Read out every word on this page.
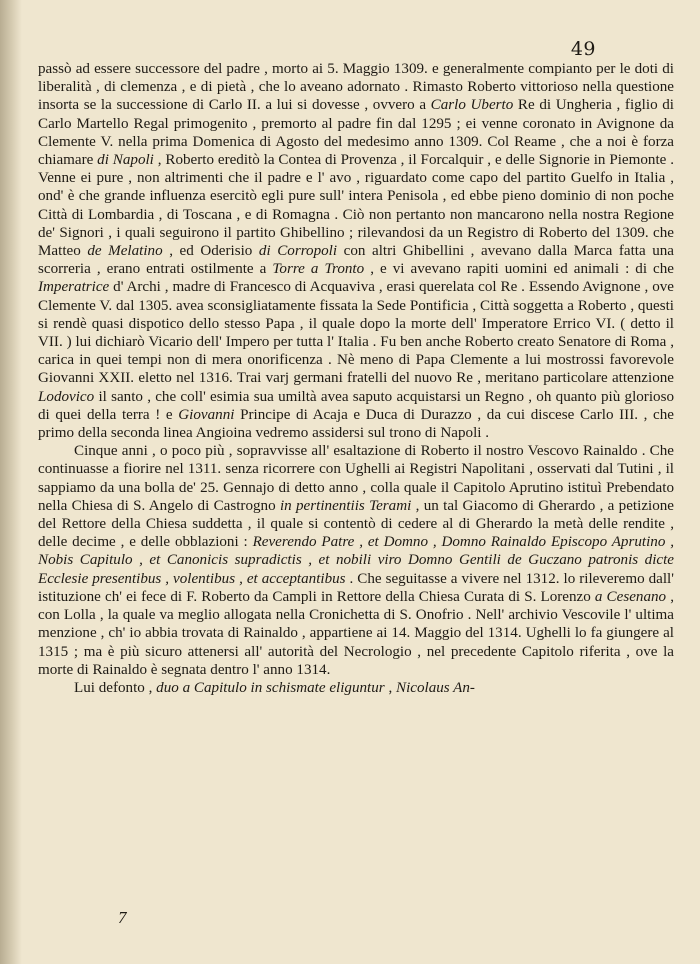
49

passò ad essere successore del padre , morto ai 5. Maggio 1309. e generalmente compianto per le doti di liberalità , di clemenza , e di pietà , che lo aveano adornato . Rimasto Roberto vittorioso nella questione insorta se la successione di Carlo II. a lui si dovesse , ovvero a Carlo Uberto Re di Ungheria , figlio di Carlo Martello Regal primogenito , premorto al padre fin dal 1295 ; ei venne coronato in Avignone da Clemente V. nella prima Domenica di Agosto del medesimo anno 1309. Col Reame , che a noi è forza chiamare di Napoli , Roberto ereditò la Contea di Provenza , il Forcalquir , e delle Signorie in Piemonte . Venne ei pure , non altrimenti che il padre e l' avo , riguardato come capo del partito Guelfo in Italia , ond' è che grande influenza esercitò egli pure sull' intera Penisola , ed ebbe pieno dominio di non poche Città di Lombardia , di Toscana , e di Romagna . Ciò non pertanto non mancarono nella nostra Regione de' Signori , i quali seguirono il partito Ghibellino ; rilevandosi da un Registro di Roberto del 1309. che Matteo de Melatino , ed Oderisio di Corropoli con altri Ghibellini , avevano dalla Marca fatta una scorreria , erano entrati ostilmente a Torre a Tronto , e vi avevano rapiti uomini ed animali : di che Imperatrice d' Archi , madre di Francesco di Acquaviva , erasi querelata col Re . Essendo Avignone , ove Clemente V. dal 1305. avea sconsigliatamente fissata la Sede Pontificia , Città soggetta a Roberto , questi si rendè quasi dispotico dello stesso Papa , il quale dopo la morte dell' Imperatore Errico VI. ( detto il VII. ) lui dichiarò Vicario dell' Impero per tutta l' Italia . Fu ben anche Roberto creato Senatore di Roma , carica in quei tempi non di mera onorificenza . Nè meno di Papa Clemente a lui mostrossi favorevole Giovanni XXII. eletto nel 1316. Trai varj germani fratelli del nuovo Re , meritano particolare attenzione Lodovico il santo , che coll' esimia sua umiltà avea saputo acquistarsi un Regno , oh quanto più glorioso di quei della terra ! e Giovanni Principe di Acaja e Duca di Durazzo , da cui discese Carlo III. , che primo della seconda linea Angioina vedremo assidersi sul trono di Napoli .

Cinque anni , o poco più , sopravvisse all' esaltazione di Roberto il nostro Vescovo Rainaldo . Che continuasse a fiorire nel 1311. senza ricorrere con Ughelli ai Registri Napolitani , osservati dal Tutini , il sappiamo da una bolla de' 25. Gennajo di detto anno , colla quale il Capitolo Aprutino istituì Prebendato nella Chiesa di S. Angelo di Castrogno in pertinentiis Terami , un tal Giacomo di Gherardo , a petizione del Rettore della Chiesa suddetta , il quale si contentò di cedere al di Gherardo la metà delle rendite , delle decime , e delle obblazioni : Reverendo Patre , et Domno , Domno Rainaldo Episcopo Aprutino , Nobis Capitulo , et Canonicis supradictis , et nobili viro Domno Gentili de Guczano patronis dicte Ecclesie presentibus , volentibus , et acceptantibus . Che seguitasse a vivere nel 1312. lo rileveremo dall' istituzione ch' ei fece di F. Roberto da Campli in Rettore della Chiesa Curata di S. Lorenzo a Cesenano , con Lolla , la quale va meglio allogata nella Cronichetta di S. Onofrio . Nell' archivio Vescovile l' ultima menzione , ch' io abbia trovata di Rainaldo , appartiene ai 14. Maggio del 1314. Ughelli lo fa giungere al 1315 ; ma è più sicuro attenersi all' autorità del Necrologio , nel precedente Capitolo riferita , ove la morte di Rainaldo è segnata dentro l' anno 1314.

Lui defonto , duo a Capitulo in schismate eliguntur , Nicolaus An-

7
